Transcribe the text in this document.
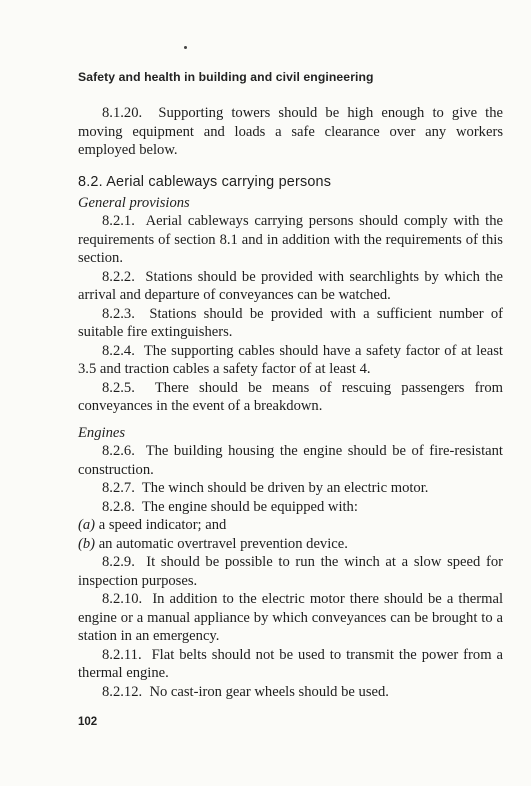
Safety and health in building and civil engineering

8.1.20. Supporting towers should be high enough to give the moving equipment and loads a safe clearance over any workers employed below.

8.2. Aerial cableways carrying persons

General provisions

8.2.1. Aerial cableways carrying persons should comply with the requirements of section 8.1 and in addition with the requirements of this section.

8.2.2. Stations should be provided with searchlights by which the arrival and departure of conveyances can be watched.

8.2.3. Stations should be provided with a sufficient number of suitable fire extinguishers.

8.2.4. The supporting cables should have a safety factor of at least 3.5 and traction cables a safety factor of at least 4.

8.2.5. There should be means of rescuing passengers from conveyances in the event of a breakdown.

Engines

8.2.6. The building housing the engine should be of fire-resistant construction.

8.2.7. The winch should be driven by an electric motor.

8.2.8. The engine should be equipped with:

(a) a speed indicator; and

(b) an automatic overtravel prevention device.

8.2.9. It should be possible to run the winch at a slow speed for inspection purposes.

8.2.10. In addition to the electric motor there should be a thermal engine or a manual appliance by which conveyances can be brought to a station in an emergency.

8.2.11. Flat belts should not be used to transmit the power from a thermal engine.

8.2.12. No cast-iron gear wheels should be used.

102
